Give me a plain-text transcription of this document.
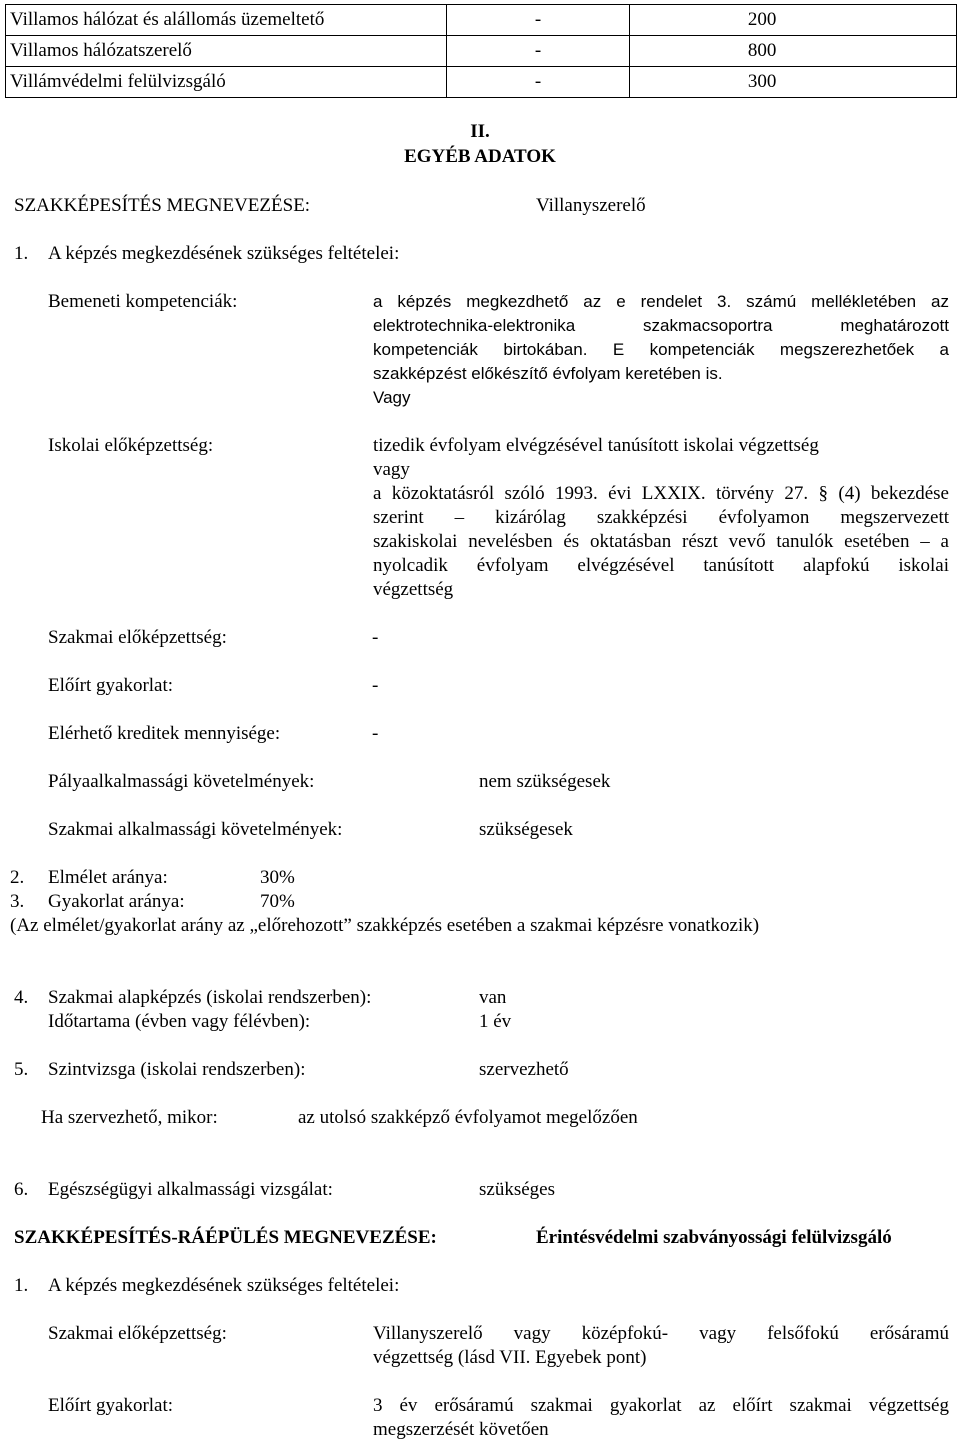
Villamos hálózat és alállomás üzemeltető	-	200
Villamos hálózatszerelő	-	800
Villámvédelmi felülvizsgáló	-	300
II.
EGYÉB ADATOK
SZAKKÉPESÍTÉS MEGNEVEZÉSE:	Villanyszerelő
1. A képzés megkezdésének szükséges feltételei:
Bemeneti kompetenciák:	a képzés megkezdhető az e rendelet 3. számú mellékletében az
elektrotechnika-elektronika szakmacsoportra meghatározott
kompetenciák birtokában. E kompetenciák megszerezhetőek a
szakképzést előkészítő évfolyam keretében is.
Vagy
Iskolai előképzettség:	tizedik évfolyam elvégzésével tanúsított iskolai végzettség
vagy
a közoktatásról szóló 1993. évi LXXIX. törvény 27. § (4) bekezdése
szerint – kizárólag szakképzési évfolyamon megszervezett
szakiskolai nevelésben és oktatásban részt vevő tanulók esetében – a
nyolcadik évfolyam elvégzésével tanúsított alapfokú iskolai
végzettség
Szakmai előképzettség:	-
Előírt gyakorlat:	-
Elérhető kreditek mennyisége:	-
Pályaalkalmassági követelmények:	nem szükségesek
Szakmai alkalmassági követelmények:	szükségesek
2. Elmélet aránya:	30%
3. Gyakorlat aránya:	70%
(Az elmélet/gyakorlat arány az „előrehozott” szakképzés esetében a szakmai képzésre vonatkozik)
4. Szakmai alapképzés (iskolai rendszerben):	van
Időtartama (évben vagy félévben):	1 év
5. Szintvizsga (iskolai rendszerben):	szervezhető
Ha szervezhető, mikor:	az utolsó szakképző évfolyamot megelőzően
6. Egészségügyi alkalmassági vizsgálat:	szükséges
SZAKKÉPESÍTÉS-RÁÉPÜLÉS MEGNEVEZÉSE:	Érintésvédelmi szabványossági felülvizsgáló
1. A képzés megkezdésének szükséges feltételei:
Szakmai előképzettség:	Villanyszerelő vagy középfokú- vagy felsőfokú erősáramú
végzettség (lásd VII. Egyebek pont)
Előírt gyakorlat:	3 év erősáramú szakmai gyakorlat az előírt szakmai végzettség
megszerzését követően
